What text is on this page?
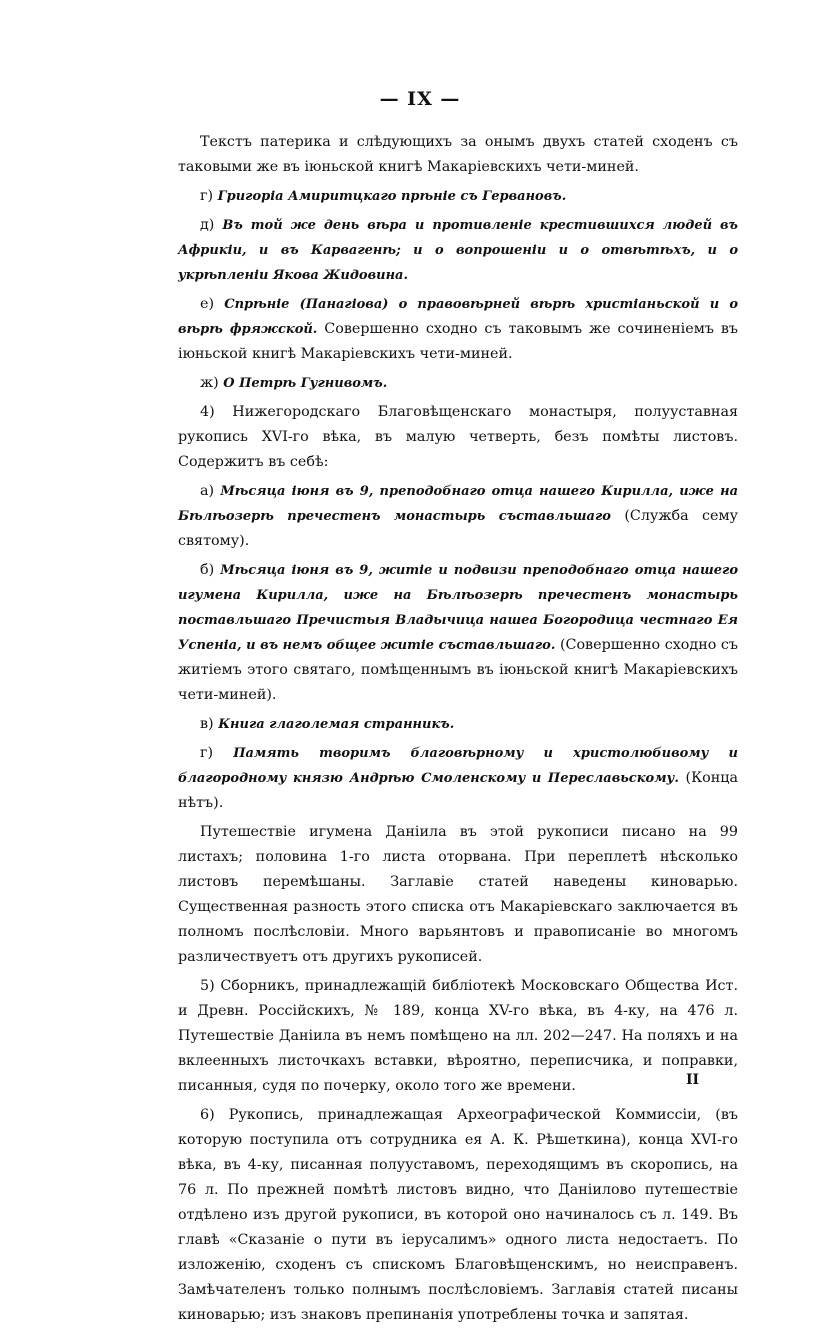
— IX —

Текстъ патерика и слѣдующихъ за онымъ двухъ статей сходенъ съ таковыми же въ іюньской книгѣ Макаріевскихъ чети-миней.

г) Григоріа Амиритцкаго прѣніе съ Гервановъ.

д) Въ той же день вѣра и противленіе крестившихся людей въ Африкіи, и въ Карвагенѣ; и о вопрошеніи и о отвѣтѣхъ, и о укрѣпленіи Якова Жидовина.

е) Спрѣніе (Панагіова) о правовѣрней вѣрѣ христіаньской и о вѣрѣ фряжской. Совершенно сходно съ таковымъ же сочиненіемъ въ іюньской книгѣ Макаріевскихъ чети-миней.

ж) О Петрѣ Гугнивомъ.

4) Нижегородскаго Благовѣщенскаго монастыря, полууставная рукопись XVI-го вѣка, въ малую четверть, безъ помѣты листовъ. Содержитъ въ себѣ:

а) Мѣсяца іюня въ 9, преподобнаго отца нашего Кирилла, иже на Бѣлѣозерѣ пречестенъ монастырь съставльшаго (Служба сему святому).

б) Мѣсяца іюня въ 9, житіе и подвизи преподобнаго отца нашего игумена Кирилла, иже на Бѣлѣозерѣ пречестенъ монастырь поставльшаго Пречистыя Владычица нашеа Богородица честнаго Ея Успеніа, и въ немъ общее житіе съставльшаго. (Совершенно сходно съ житіемъ этого святаго, помѣщеннымъ въ іюньской книгѣ Макаріевскихъ чети-миней).

в) Книга глаголемая странникъ.

г) Память творимъ благовѣрному и христолюбивому и благородному князю Андрѣю Смоленскому и Переславьскому. (Конца нѣтъ).

Путешествіе игумена Даніила въ этой рукописи писано на 99 листахъ; половина 1-го листа оторвана. При переплетѣ нѣсколько листовъ перемѣшаны. Заглавіе статей наведены киноварью. Существенная разность этого списка отъ Макаріевскаго заключается въ полномъ послѣсловіи. Много варьянтовъ и правописаніе во многомъ различествуетъ отъ другихъ рукописей.

5) Сборникъ, принадлежащій библіотекѣ Московскаго Общества Ист. и Древн. Россійскихъ, № 189, конца XV-го вѣка, въ 4-ку, на 476 л. Путешествіе Даніила въ немъ помѣщено на лл. 202—247. На поляхъ и на вклеенныхъ листочкахъ вставки, вѣроятно, переписчика, и поправки, писанныя, судя по почерку, около того же времени.

6) Рукопись, принадлежащая Археографической Коммиссіи, (въ которую поступила отъ сотрудника ея А. К. Рѣшеткина), конца XVI-го вѣка, въ 4-ку, писанная полууставомъ, переходящимъ въ скоропись, на 76 л. По прежней помѣтѣ листовъ видно, что Даніилово путешествіе отдѣлено изъ другой рукописи, въ которой оно начиналось съ л. 149. Въ главѣ «Сказаніе о пути въ іерусалимъ» одного листа недостаетъ. По изложенію, сходенъ съ спискомъ Благовѣщенскимъ, но неисправенъ. Замѣчателенъ только полнымъ послѣсловіемъ. Заглавія статей писаны киноварью; изъ знаковъ препинанія употреблены точка и запятая.

II
